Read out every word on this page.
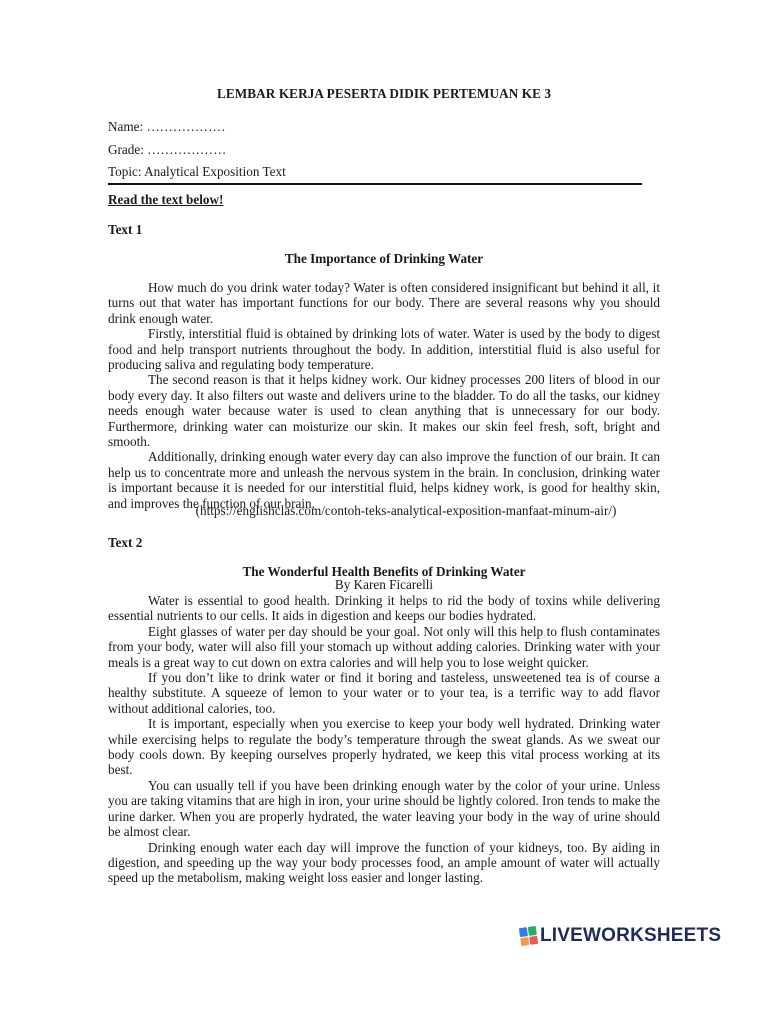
LEMBAR KERJA PESERTA DIDIK PERTEMUAN KE 3
Name: ………………
Grade: ………………
Topic: Analytical Exposition Text
Read the text below!
Text 1
The Importance of Drinking Water

How much do you drink water today? Water is often considered insignificant but behind it all, it turns out that water has important functions for our body. There are several reasons why you should drink enough water.

Firstly, interstitial fluid is obtained by drinking lots of water. Water is used by the body to digest food and help transport nutrients throughout the body. In addition, interstitial fluid is also useful for producing saliva and regulating body temperature.

The second reason is that it helps kidney work. Our kidney processes 200 liters of blood in our body every day. It also filters out waste and delivers urine to the bladder. To do all the tasks, our kidney needs enough water because water is used to clean anything that is unnecessary for our body. Furthermore, drinking water can moisturize our skin. It makes our skin feel fresh, soft, bright and smooth.

Additionally, drinking enough water every day can also improve the function of our brain. It can help us to concentrate more and unleash the nervous system in the brain. In conclusion, drinking water is important because it is needed for our interstitial fluid, helps kidney work, is good for healthy skin, and improves the function of our brain.

(https://englishclas.com/contoh-teks-analytical-exposition-manfaat-minum-air/)
Text 2
The Wonderful Health Benefits of Drinking Water
By Karen Ficarelli

Water is essential to good health. Drinking it helps to rid the body of toxins while delivering essential nutrients to our cells. It aids in digestion and keeps our bodies hydrated.

Eight glasses of water per day should be your goal. Not only will this help to flush contaminates from your body, water will also fill your stomach up without adding calories. Drinking water with your meals is a great way to cut down on extra calories and will help you to lose weight quicker.

If you don’t like to drink water or find it boring and tasteless, unsweetened tea is of course a healthy substitute. A squeeze of lemon to your water or to your tea, is a terrific way to add flavor without additional calories, too.

It is important, especially when you exercise to keep your body well hydrated. Drinking water while exercising helps to regulate the body’s temperature through the sweat glands. As we sweat our body cools down. By keeping ourselves properly hydrated, we keep this vital process working at its best.

You can usually tell if you have been drinking enough water by the color of your urine. Unless you are taking vitamins that are high in iron, your urine should be lightly colored. Iron tends to make the urine darker. When you are properly hydrated, the water leaving your body in the way of urine should be almost clear.

Drinking enough water each day will improve the function of your kidneys, too. By aiding in digestion, and speeding up the way your body processes food, an ample amount of water will actually speed up the metabolism, making weight loss easier and longer lasting.

LIVEWORKSHEETS
